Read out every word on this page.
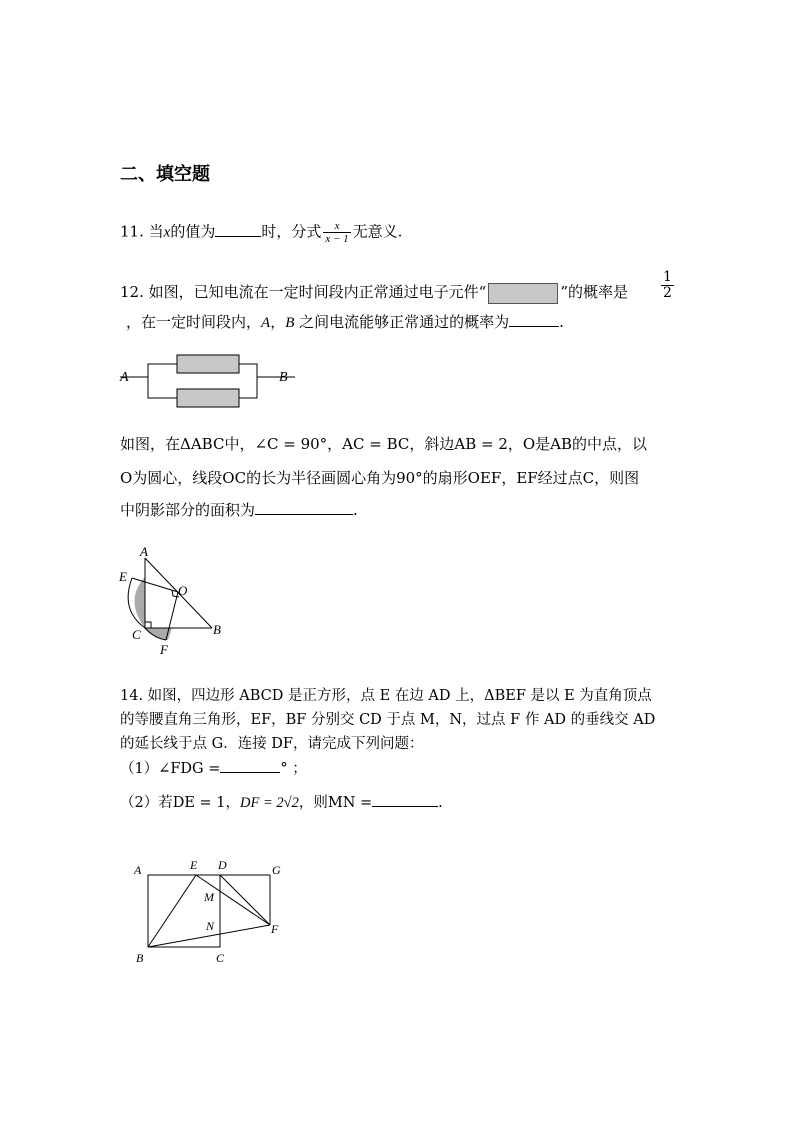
二、填空题
11. 当x的值为	时，分式 $\frac{x}{x - 1}$ 无意义.
12. 如图，已知电流在一定时间段内正常通过电子元件“	”的概率是 $\frac{1}{2}$
，在一定时间段内，A，B 之间电流能够正常通过的概率为	.
A	B
如图，在ΔABC中，∠C = 90°，AC = BC，斜边AB = 2，O是AB的中点，以
O为圆心，线段OC的长为半径画圆心角为90°的扇形OEF，EF经过点C，则图
中阴影部分的面积为	.
A
E
O
C	B
F
14. 如图，四边形 ABCD 是正方形，点 E 在边 AD 上，ΔBEF 是以 E 为直角顶点
的等腰直角三角形，EF，BF 分别交 CD 于点 M，N，过点 F 作 AD 的垂线交 AD
的延长线于点 G．连接 DF，请完成下列问题：
（1）∠FDG =	° ；
（2）若DE = 1，DF = 2√2，则MN =	.
A	E D	G
M
N	F
B	C
